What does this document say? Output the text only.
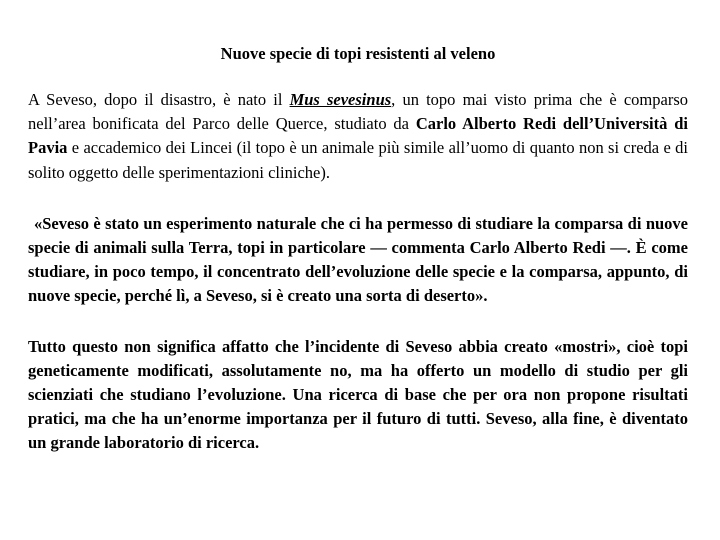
Nuove specie di topi resistenti al veleno

A Seveso, dopo il disastro, è nato il Mus sevesinus, un topo mai visto prima che è comparso nell’area bonificata del Parco delle Querce, studiato da Carlo Alberto Redi dell’Università di Pavia e accademico dei Lincei (il topo è un animale più simile all’uomo di quanto non si creda e di solito oggetto delle sperimentazioni cliniche).

«Seveso è stato un esperimento naturale che ci ha permesso di studiare la comparsa di nuove specie di animali sulla Terra, topi in particolare — commenta Carlo Alberto Redi —. È come studiare, in poco tempo, il concentrato dell’evoluzione delle specie e la comparsa, appunto, di nuove specie, perché lì, a Seveso, si è creato una sorta di deserto».

Tutto questo non significa affatto che l’incidente di Seveso abbia creato «mostri», cioè topi geneticamente modificati, assolutamente no, ma ha offerto un modello di studio per gli scienziati che studiano l’evoluzione. Una ricerca di base che per ora non propone risultati pratici, ma che ha un’enorme importanza per il futuro di tutti. Seveso, alla fine, è diventato un grande laboratorio di ricerca.
